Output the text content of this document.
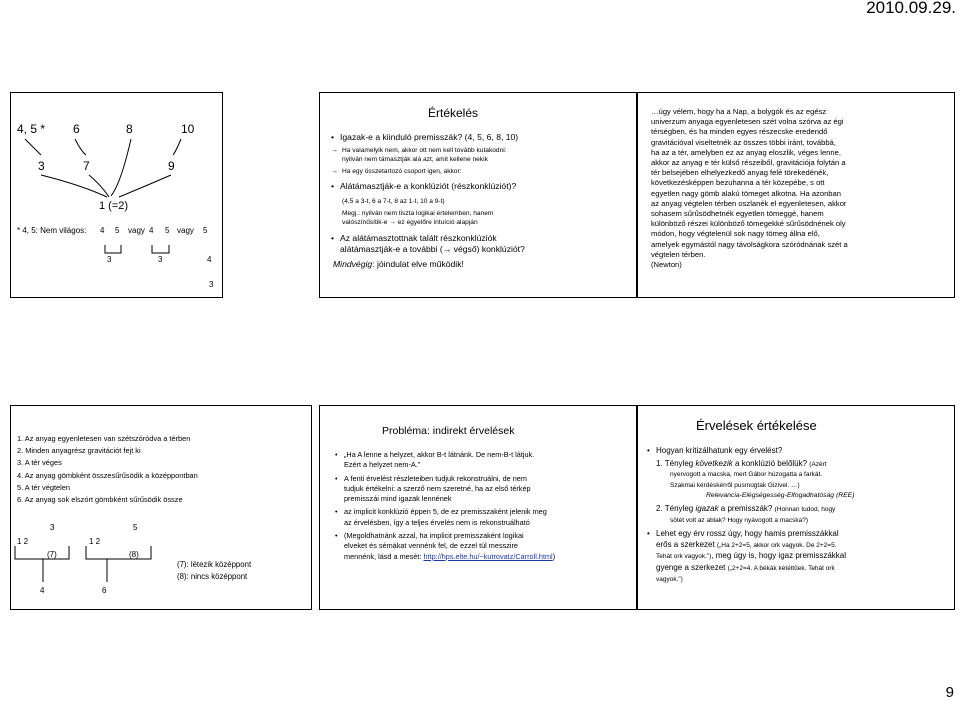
2010.09.29.
4, 5 * 6	8	10
3	7	9
1 (=2)
* 4, 5: Nem világos: 4 5 vagy 4 5 vagy 5
3	3	4
3
Értékelés
• Igazak-e a kiinduló premisszák? (4, 5, 6, 8, 10)
→ Ha valamelyik nem, akkor ott nem kell tovább kutakodni:
nyilván nem támasztják alá azt, amit kellene nekik
→ Ha egy összetartozó csoport igen, akkor:
• Alátámasztják-e a konklúziót (részkonklúziót)?
(4,5 a 3-t, 6 a 7-t, 8 az 1-t, 10 a 9-t)
Megj.: nyilván nem tiszta logikai értelemben, hanem
valószínűsítik-e → ez egyelőre intuíció alapján
• Az alátámasztottnak talált részkonklúziók
alátámasztják-e a további (→ végső) konklúziót?
Mindvégig: jóindulat elve működik!
…úgy vélem, hogy ha a Nap, a bolygók és az egész
univerzum anyaga egyenletesen szét volna szórva az égi
térségben, és ha minden egyes részecske eredendő
gravitációval viseltetnék az összes többi iránt, továbbá,
ha az a tér, amelyben ez az anyag eloszlik, véges lenne,
akkor az anyag e tér külső részeiből, gravitációja folytán a
tér belsejében elhelyezkedő anyag felé törekedénék,
következésképpen bezuhanna a tér közepébe, s ott
egyetlen nagy gömb alakú tömeget alkotna. Ha azonban
az anyag végtelen térben oszlanék el egyenletesen, akkor
sohasem sűrűsödhetnék egyetlen tömeggé, hanem
különböző részei különböző tömegekké sűrűsödnének oly
módon, hogy végtelenül sok nagy tömeg állna elő,
amelyek egymástól nagy távolságkora szóródnának szét a
végtelen térben.
(Newton)
1. Az anyag egyenletesen van szétszóródva a térben
2. Minden anyagrész gravitációt fejt ki
3. A tér véges
4. Az anyag gömbként összesűrűsödik a középpontban
5. A tér végtelen
6. Az anyag sok elszórt gömbként sűrűsödik össze
3	5
1 2	1 2
(7)	(8)
4	6
(7): létezik középpont
(8): nincs középpont
Probléma: indirekt érvelések
• „Ha A lenne a helyzet, akkor B-t látnánk. De nem-B-t látjuk.
Ezért a helyzet nem-A.”
• A fenti érvelést részleteiben tudjuk rekonstruálni, de nem
tudjuk értékelni: a szerző nem szeretné, ha az első térkép
premisszái mind igazak lennének
• az implicit konklúzió éppen 5, de ez premisszaként jelenik meg
az érvelésben, így a teljes érvelés nem is rekonstruálható
• (Megoldhatnánk azzal, ha implicit premisszaként logikai
elveket és sémákat vennénk fel, de ezzel túl messzire
mennénk, lásd a mesét: http://hps.elte.hu/~kutrovatz/Carroll.html)
Érvelések értékelése
• Hogyan kritizálhatunk egy érvelést?
1. Tényleg következik a konklúzió belőlük? (Azért
nyervogott a macska, mert Gábor húzogatta a farkát.
Szakmai kérdéskérről pusmogtak Gizivel. …)
Relevancia-Elégségesség-Elfogadhatóság (REE)
2. Tényleg igazak a premisszák? (Honnan tudod, hogy
sötét volt az ablak? Hogy nyávogott a macska?)
• Lehet egy érv rossz úgy, hogy hamis premisszákkal
erős a szerkezet („Ha 2+2=5, akkor ork vagyok. De 2+2=5.
Tehát ork vagyok.”), meg úgy is, hogy igaz premisszákkal
gyenge a szerkezet („2+2=4. A békák kétéltűek. Tehát ork
vagyok.”)
9
